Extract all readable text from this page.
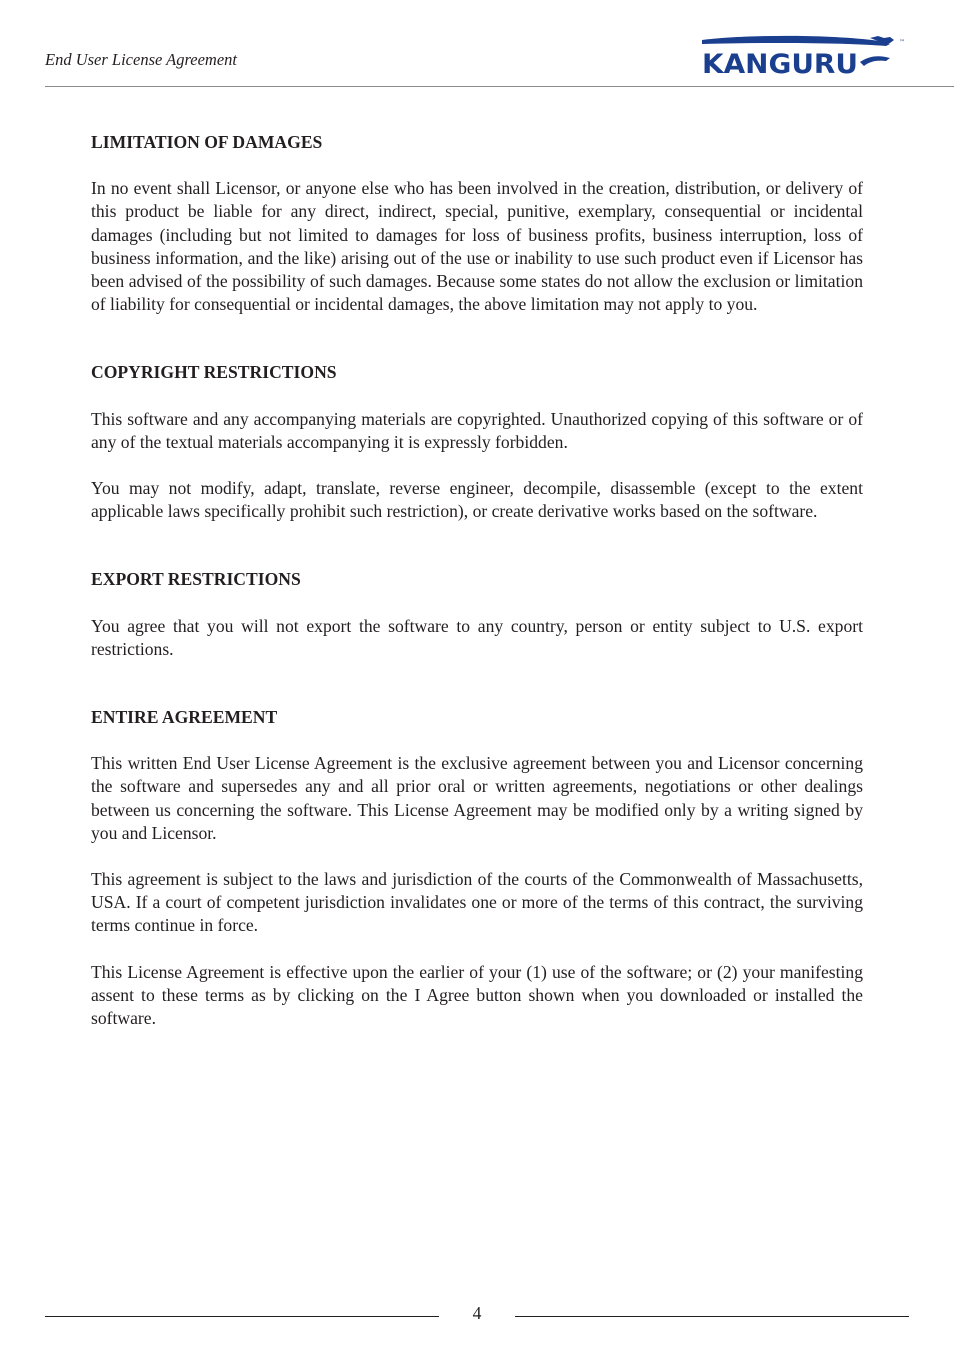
End User License Agreement	KANGURU
™
LIMITATION OF DAMAGES

In no event shall Licensor, or anyone else who has been involved in the creation, distribution, or delivery of this product be liable for any direct, indirect, special, punitive, exemplary, consequential or incidental damages (including but not limited to damages for loss of business profits, business interruption, loss of business information, and the like) arising out of the use or inability to use such product even if Licensor has been advised of the possibility of such damages. Because some states do not allow the exclusion or limitation of liability for consequential or incidental damages, the above limitation may not apply to you.

COPYRIGHT RESTRICTIONS

This software and any accompanying materials are copyrighted. Unauthorized copying of this software or of any of the textual materials accompanying it is expressly forbidden.

You may not modify, adapt, translate, reverse engineer, decompile, disassemble (except to the extent applicable laws specifically prohibit such restriction), or create derivative works based on the software.

EXPORT RESTRICTIONS

You agree that you will not export the software to any country, person or entity subject to U.S. export restrictions.

ENTIRE AGREEMENT

This written End User License Agreement is the exclusive agreement between you and Licensor concerning the software and supersedes any and all prior oral or written agreements, negotiations or other dealings between us concerning the software. This License Agreement may be modified only by a writing signed by you and Licensor.

This agreement is subject to the laws and jurisdiction of the courts of the Commonwealth of Massachusetts, USA. If a court of competent jurisdiction invalidates one or more of the terms of this contract, the surviving terms continue in force.

This License Agreement is effective upon the earlier of your (1) use of the software; or (2) your manifesting assent to these terms as by clicking on the I Agree button shown when you downloaded or installed the software.

4
